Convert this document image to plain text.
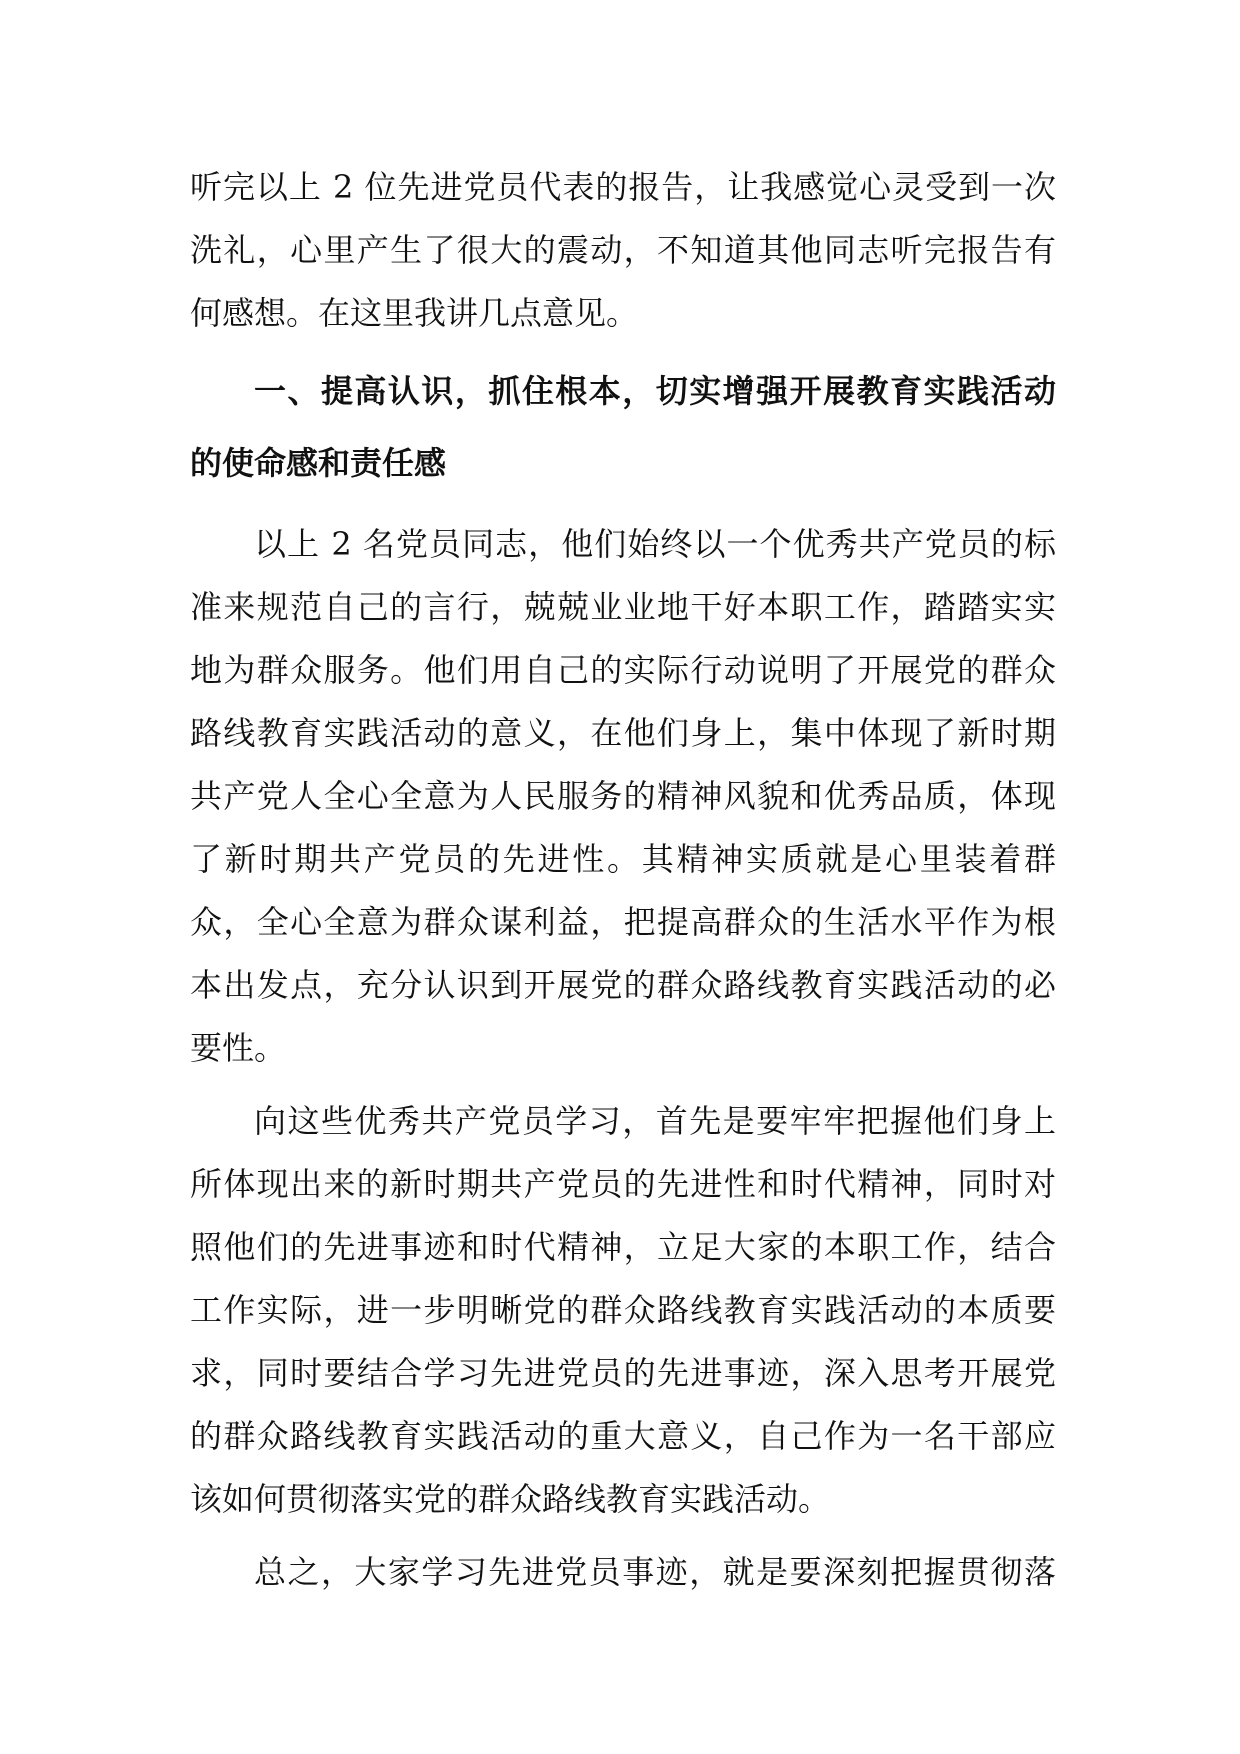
听完以上 2 位先进党员代表的报告，让我感觉心灵受到一次
洗礼，心里产生了很大的震动，不知道其他同志听完报告有
何感想。在这里我讲几点意见。
一、提高认识，抓住根本，切实增强开展教育实践活动
的使命感和责任感
以上 2 名党员同志，他们始终以一个优秀共产党员的标
准来规范自己的言行，兢兢业业地干好本职工作，踏踏实实
地为群众服务。他们用自己的实际行动说明了开展党的群众
路线教育实践活动的意义，在他们身上，集中体现了新时期
共产党人全心全意为人民服务的精神风貌和优秀品质，体现
了新时期共产党员的先进性。其精神实质就是心里装着群
众，全心全意为群众谋利益，把提高群众的生活水平作为根
本出发点，充分认识到开展党的群众路线教育实践活动的必
要性。
向这些优秀共产党员学习，首先是要牢牢把握他们身上
所体现出来的新时期共产党员的先进性和时代精神，同时对
照他们的先进事迹和时代精神，立足大家的本职工作，结合
工作实际，进一步明晰党的群众路线教育实践活动的本质要
求，同时要结合学习先进党员的先进事迹，深入思考开展党
的群众路线教育实践活动的重大意义，自己作为一名干部应
该如何贯彻落实党的群众路线教育实践活动。
总之，大家学习先进党员事迹，就是要深刻把握贯彻落
